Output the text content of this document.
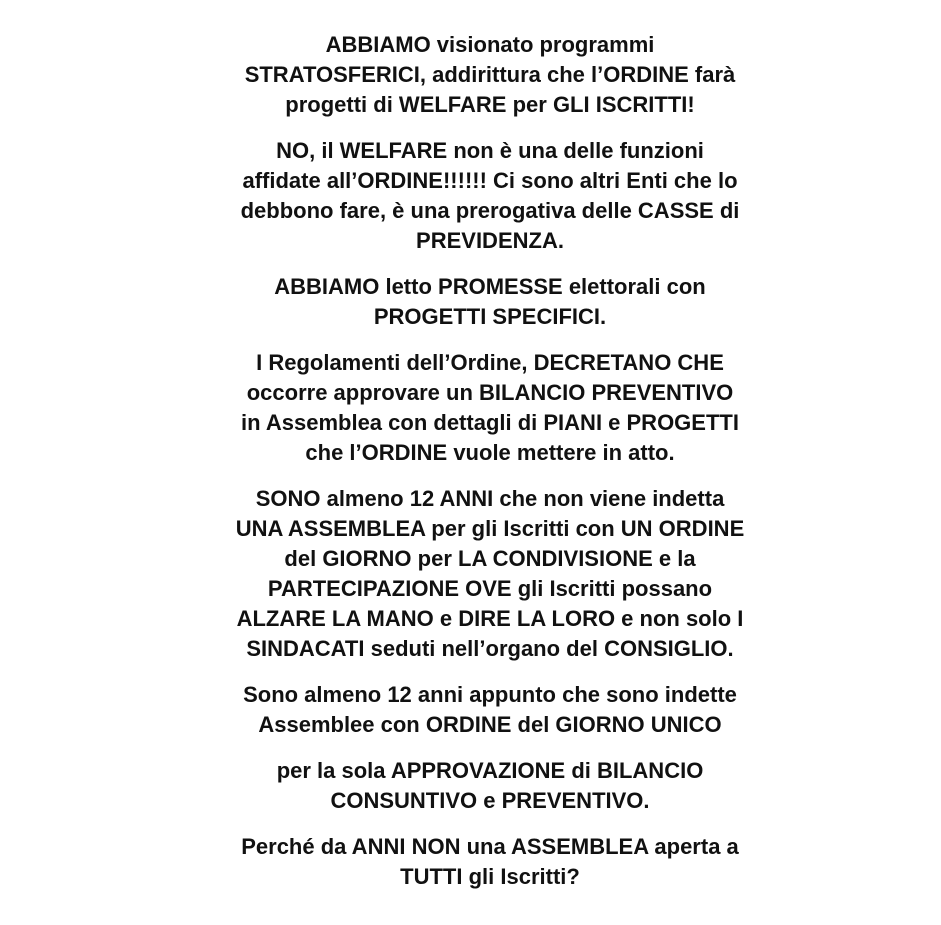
ABBIAMO visionato programmi
STRATOSFERICI, addirittura che l’ORDINE farà
progetti di WELFARE per GLI ISCRITTI!

NO, il WELFARE non è una delle funzioni
affidate all’ORDINE!!!!!! Ci sono altri Enti che lo
debbono fare, è una prerogativa delle CASSE di
PREVIDENZA.

ABBIAMO letto PROMESSE elettorali con
PROGETTI SPECIFICI.

I Regolamenti dell’Ordine, DECRETANO CHE
occorre approvare un BILANCIO PREVENTIVO
in Assemblea con dettagli di PIANI e PROGETTI
che l’ORDINE vuole mettere in atto.

SONO almeno 12 ANNI che non viene indetta
UNA ASSEMBLEA per gli Iscritti con UN ORDINE
del GIORNO per LA CONDIVISIONE e la
PARTECIPAZIONE OVE gli Iscritti possano
ALZARE LA MANO e DIRE LA LORO e non solo I
SINDACATI seduti nell’organo del CONSIGLIO.

Sono almeno 12 anni appunto che sono indette
Assemblee con ORDINE del GIORNO UNICO

per la sola APPROVAZIONE di BILANCIO
CONSUNTIVO e PREVENTIVO.

Perché da ANNI NON una ASSEMBLEA aperta a
TUTTI gli Iscritti?
